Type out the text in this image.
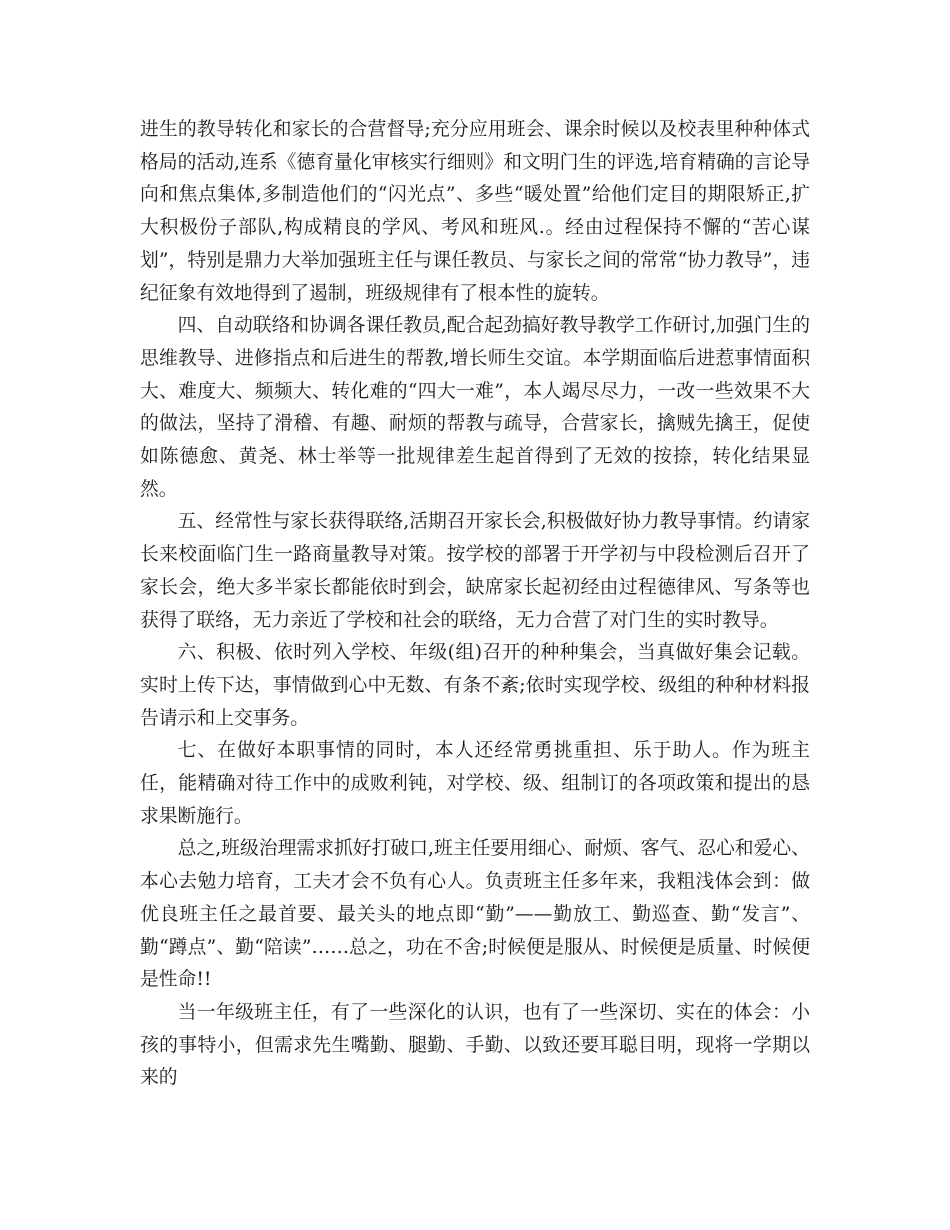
进生的教导转化和家长的合营督导;充分应用班会、课余时候以及校表里种种体式格局的活动,连系《德育量化审核实行细则》和文明门生的评选,培育精确的言论导向和焦点集体,多制造他们的“闪光点”、多些“暖处置”给他们定目的期限矫正,扩大积极份子部队,构成精良的学风、考风和班风.。经由过程保持不懈的“苦心谋划”，特别是鼎力大举加强班主任与课任教员、与家长之间的常常“协力教导”，违纪征象有效地得到了遏制，班级规律有了根本性的旋转。

四、自动联络和协调各课任教员,配合起劲搞好教导教学工作研讨,加强门生的思维教导、进修指点和后进生的帮教,增长师生交谊。本学期面临后进惹事情面积大、难度大、频频大、转化难的“四大一难”，本人竭尽尽力，一改一些效果不大的做法，坚持了滑稽、有趣、耐烦的帮教与疏导，合营家长，擒贼先擒王，促使如陈德愈、黄尧、林士举等一批规律差生起首得到了无效的按捺，转化结果显然。

五、经常性与家长获得联络,活期召开家长会,积极做好协力教导事情。约请家长来校面临门生一路商量教导对策。按学校的部署于开学初与中段检测后召开了家长会，绝大多半家长都能依时到会，缺席家长起初经由过程德律风、写条等也获得了联络，无力亲近了学校和社会的联络，无力合营了对门生的实时教导。

六、积极、依时列入学校、年级(组)召开的种种集会，当真做好集会记载。实时上传下达，事情做到心中无数、有条不紊;依时实现学校、级组的种种材料报告请示和上交事务。

七、在做好本职事情的同时，本人还经常勇挑重担、乐于助人。作为班主任，能精确对待工作中的成败利钝，对学校、级、组制订的各项政策和提出的恳求果断施行。

总之,班级治理需求抓好打破口,班主任要用细心、耐烦、客气、忍心和爱心、本心去勉力培育，工夫才会不负有心人。负责班主任多年来，我粗浅体会到：做优良班主任之最首要、最关头的地点即“勤”——勤放工、勤巡查、勤“发言”、勤“蹲点”、勤“陪读”……总之，功在不舍;时候便是服从、时候便是质量、时候便是性命!!

当一年级班主任，有了一些深化的认识，也有了一些深切、实在的体会：小孩的事特小，但需求先生嘴勤、腿勤、手勤、以致还要耳聪目明，现将一学期以来的
